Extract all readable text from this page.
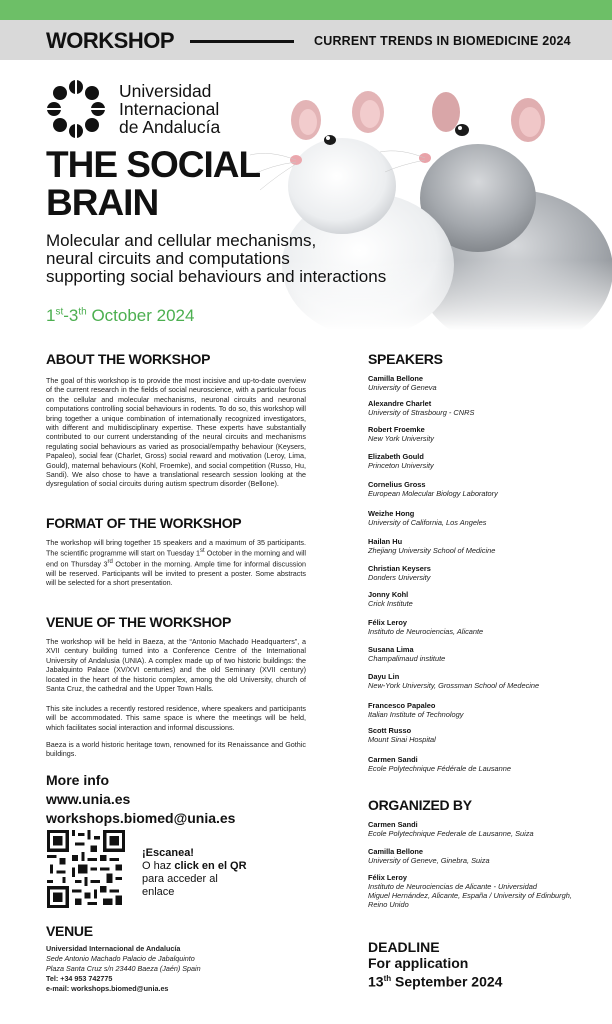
WORKSHOP	CURRENT TRENDS IN BIOMEDICINE 2024
Universidad
Internacional
de Andalucía
THE SOCIAL
BRAIN
Molecular and cellular mechanisms,
neural circuits and computations
supporting social behaviours and interactions
1st-3th October 2024
ABOUT THE WORKSHOP

The goal of this workshop is to provide the most incisive and up-to-date overview of the current research in the fields of social neuroscience, with a particular focus on the cellular and molecular mechanisms, neuronal circuits and neuronal computations controlling social behaviours in rodents. To do so, this workshop will bring together a unique combination of internationally recognized investigators, with different and multidisciplinary expertise. These experts have substantially contributed to our current understanding of the neural circuits and mechanisms regulating social behaviours as varied as prosocial/empathy behaviour (Keysers, Papaleo), social fear (Charlet, Gross) social reward and motivation (Leroy, Lima, Gould), maternal behaviours (Kohl, Froemke), and social competition (Russo, Hu, Sandi). We also chose to have a translational research session looking at the dysregulation of social circuits during autism spectrum disorder (Bellone).

FORMAT OF THE WORKSHOP

The workshop will bring together 15 speakers and a maximum of 35 participants. The scientific programme will start on Tuesday 1st October in the morning and will end on Thursday 3rd October in the morning. Ample time for informal discussion will be reserved. Participants will be invited to present a poster. Some abstracts will be selected for a short presentation.

VENUE OF THE WORKSHOP

The workshop will be held in Baeza, at the “Antonio Machado Headquarters”, a XVII century building turned into a Conference Centre of the International University of Andalusia (UNIA). A complex made up of two historic buildings: the Jabalquinto Palace (XV/XVI centuries) and the old Seminary (XVII century) located in the heart of the historic complex, among the old University, church of Santa Cruz, the cathedral and the Upper Town Halls.

This site includes a recently restored residence, where speakers and participants will be accommodated. This same space is where the meetings will be held, which facilitates social interaction and informal discussions.

Baeza is a world historic heritage town, renowned for its Renaissance and Gothic buildings.

More info
www.unia.es
workshops.biomed@unia.es
¡Escanea!
O haz click en el QR
para acceder al
enlace
VENUE
Universidad Internacional de Andalucía
Sede Antonio Machado Palacio de Jabalquinto
Plaza Santa Cruz s/n 23440 Baeza (Jaén) Spain
Tel: +34 953 742775
e-mail: workshops.biomed@unia.es
SPEAKERS
Camilla Bellone
University of Geneva
Alexandre Charlet
University of Strasbourg - CNRS
Robert Froemke
New York University
Elizabeth Gould
Princeton University
Cornelius Gross
European Molecular Biology Laboratory
Weizhe Hong
University of California, Los Angeles
Hailan Hu
Zhejiang University School of Medicine
Christian Keysers
Donders University
Jonny Kohl
Crick Institute
Félix Leroy
Instituto de Neurociencias, Alicante
Susana Lima
Champalimaud institute
Dayu Lin
New-York University, Grossman School of Medecine
Francesco Papaleo
Italian Institute of Technology
Scott Russo
Mount Sinai Hospital
Carmen Sandi
Ecole Polytechnique Fédérale de Lausanne
ORGANIZED BY
Carmen Sandi
Ecole Polytechnique Federale de Lausanne, Suiza
Camilla Bellone
University of Geneve, Ginebra, Suiza
Félix Leroy
Instituto de Neurociencias de Alicante - Universidad
Miguel Hernández, Alicante, España / University of Edinburgh,
Reino Unido
DEADLINE
For application
13th September 2024
